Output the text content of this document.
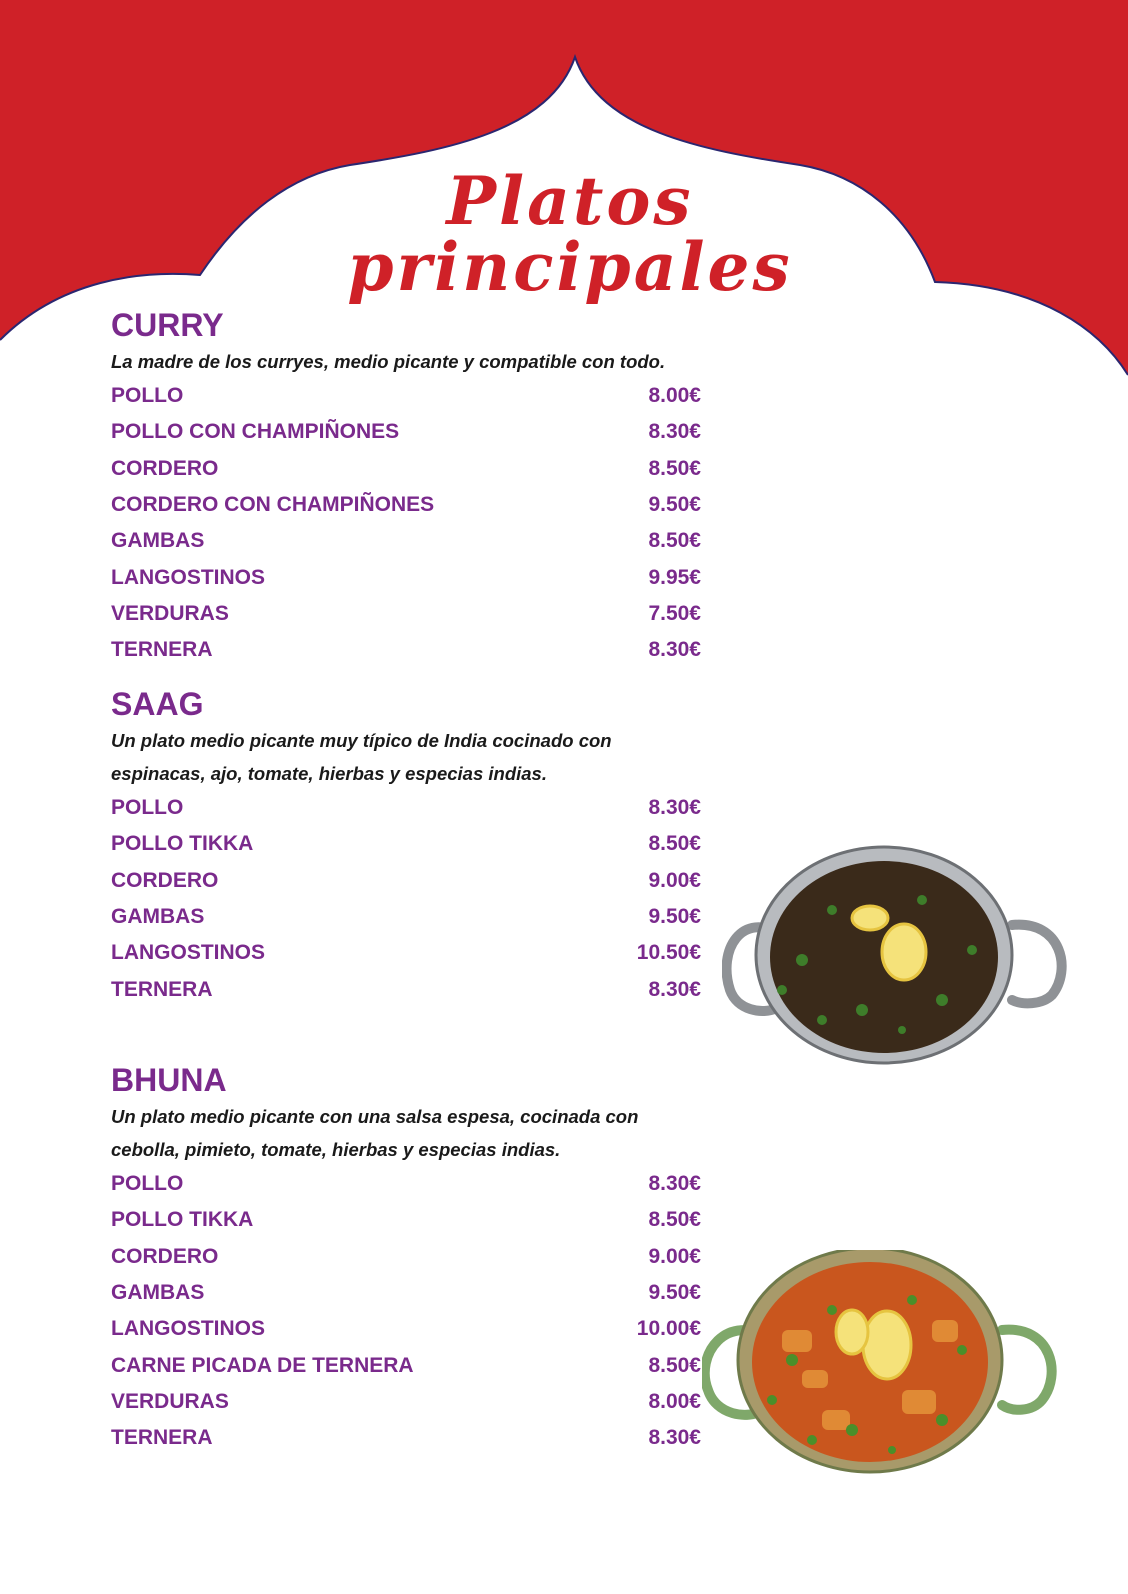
Platos principales
CURRY

La madre de los curryes, medio picante y compatible con todo.

POLLO	8.00€
POLLO CON CHAMPIÑONES	8.30€
CORDERO	8.50€
CORDERO CON CHAMPIÑONES	9.50€
GAMBAS	8.50€
LANGOSTINOS	9.95€
VERDURAS	7.50€
TERNERA	8.30€
SAAG

Un plato medio picante muy típico de India cocinado con

espinacas, ajo, tomate, hierbas y especias indias.

POLLO	8.30€
POLLO TIKKA	8.50€
CORDERO	9.00€
GAMBAS	9.50€
LANGOSTINOS	10.50€
TERNERA	8.30€
BHUNA

Un plato medio picante con una salsa espesa, cocinada con

cebolla, pimieto, tomate, hierbas y especias indias.

POLLO	8.30€
POLLO TIKKA	8.50€
CORDERO	9.00€
GAMBAS	9.50€
LANGOSTINOS	10.00€
CARNE PICADA DE TERNERA	8.50€
VERDURAS	8.00€
TERNERA	8.30€
